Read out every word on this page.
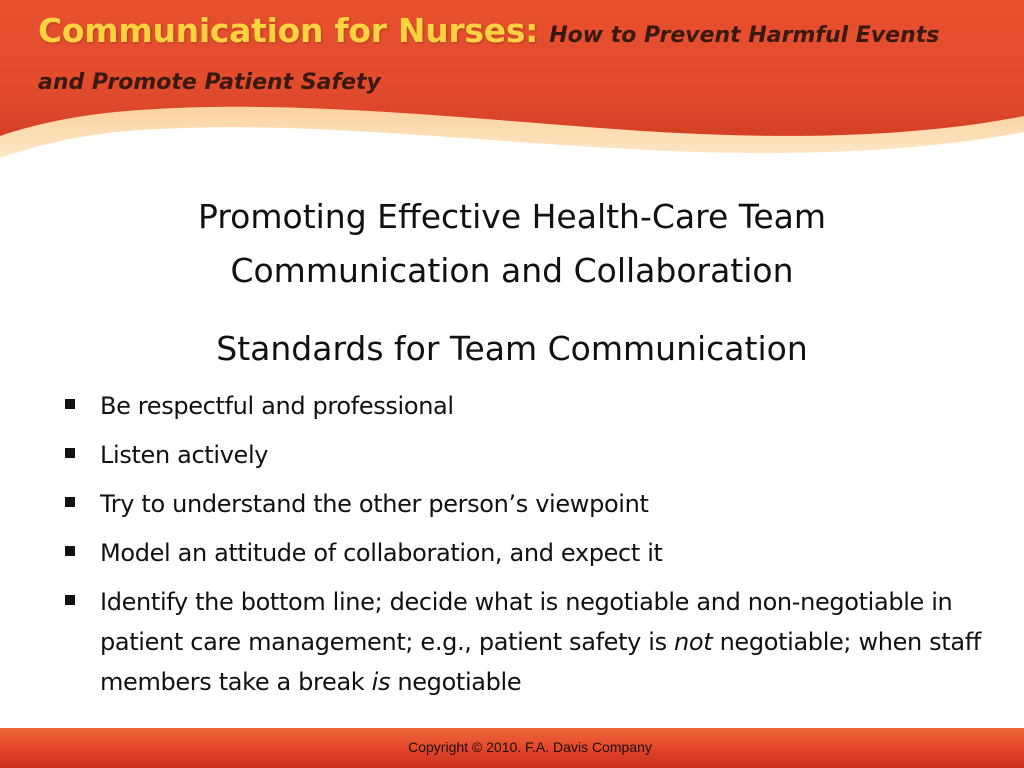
Communication for Nurses: How to Prevent Harmful Events
and Promote Patient Safety
Promoting Effective Health-Care Team
Communication and Collaboration
Standards for Team Communication
Be respectful and professional
Listen actively
Try to understand the other person’s viewpoint
Model an attitude of collaboration, and expect it
Identify the bottom line; decide what is negotiable and non-negotiable in patient care management; e.g., patient safety is not negotiable; when staff members take a break is negotiable
Copyright © 2010. F.A. Davis Company
